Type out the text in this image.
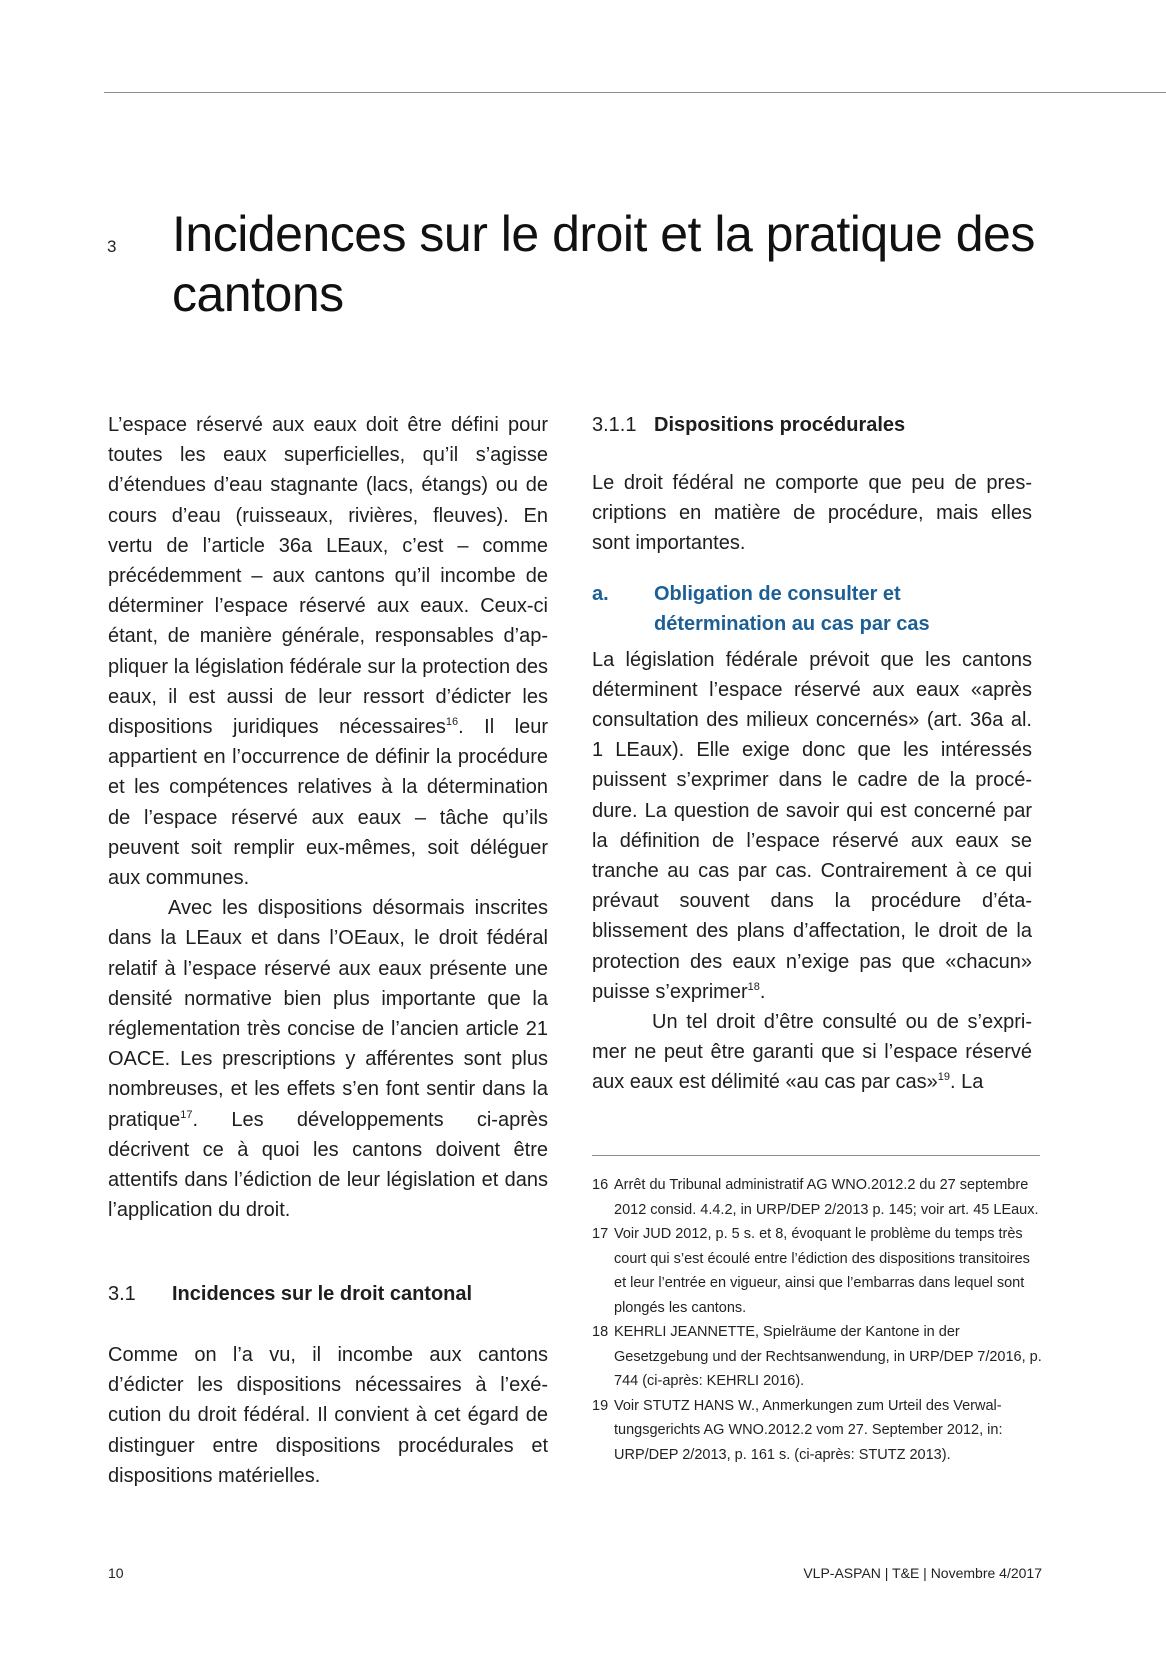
3 Incidences sur le droit et la pratique des cantons

L’espace réservé aux eaux doit être défini pour toutes les eaux superficielles, qu’il s’agisse d’étendues d’eau stagnante (lacs, étangs) ou de cours d’eau (ruisseaux, rivières, fleuves). En vertu de l’article 36a LEaux, c’est – comme précédemment – aux cantons qu’il incombe de déterminer l’espace réservé aux eaux. Ceux-ci étant, de manière générale, responsables d’appliquer la législation fédérale sur la protection des eaux, il est aussi de leur ressort d’édicter les dispositions juridiques nécessaires$^{16}$. Il leur appartient en l’occurrence de définir la procédure et les compétences relatives à la détermination de l’espace réservé aux eaux – tâche qu’ils peuvent soit remplir eux-mêmes, soit déléguer aux communes.

Avec les dispositions désormais inscrites dans la LEaux et dans l’OEaux, le droit fédéral relatif à l’espace réservé aux eaux présente une densité normative bien plus importante que la réglementation très concise de l’ancien article 21 OACE. Les prescriptions y afférentes sont plus nombreuses, et les effets s’en font sentir dans la pratique$^{17}$. Les développements ci-après décrivent ce à quoi les cantons doivent être attentifs dans l’édiction de leur législation et dans l’application du droit.

3.1 Incidences sur le droit cantonal

Comme on l’a vu, il incombe aux cantons d’édicter les dispositions nécessaires à l’exécution du droit fédéral. Il convient à cet égard de distinguer entre dispositions procédurales et dispositions matérielles.

3.1.1 Dispositions procédurales

Le droit fédéral ne comporte que peu de prescriptions en matière de procédure, mais elles sont importantes.

a.	Obligation de consulter et
détermination au cas par cas

La législation fédérale prévoit que les cantons déterminent l’espace réservé aux eaux «après consultation des milieux concernés» (art. 36a al. 1 LEaux). Elle exige donc que les intéressés puissent s’exprimer dans le cadre de la procédure. La question de savoir qui est concerné par la définition de l’espace réservé aux eaux se tranche au cas par cas. Contrairement à ce qui prévaut souvent dans la procédure d’établissement des plans d’affectation, le droit de la protection des eaux n’exige pas que «chacun» puisse s’exprimer$^{18}$.

Un tel droit d’être consulté ou de s’exprimer ne peut être garanti que si l’espace réservé aux eaux est délimité «au cas par cas»$^{19}$. La

16 Arrêt du Tribunal administratif AG WNO.2012.2 du 27 septembre 2012 consid. 4.4.2, in URP/DEP 2/2013 p. 145; voir art. 45 LEaux.
17 Voir JUD 2012, p. 5 s. et 8, évoquant le problème du temps très court qui s’est écoulé entre l’édiction des dispositions transitoires et leur l’entrée en vigueur, ainsi que l’embarras dans lequel sont plongés les cantons.
18 KEHRLI JEANNETTE, Spielräume der Kantone in der Gesetzgebung und der Rechtsanwendung, in URP/DEP 7/2016, p. 744 (ci-après: KEHRLI 2016).
19 Voir STUTZ HANS W., Anmerkungen zum Urteil des Verwaltungsgerichts AG WNO.2012.2 vom 27. September 2012, in: URP/DEP 2/2013, p. 161 s. (ci-après: STUTZ 2013).
10	VLP-ASPAN | T&E | Novembre 4/2017
